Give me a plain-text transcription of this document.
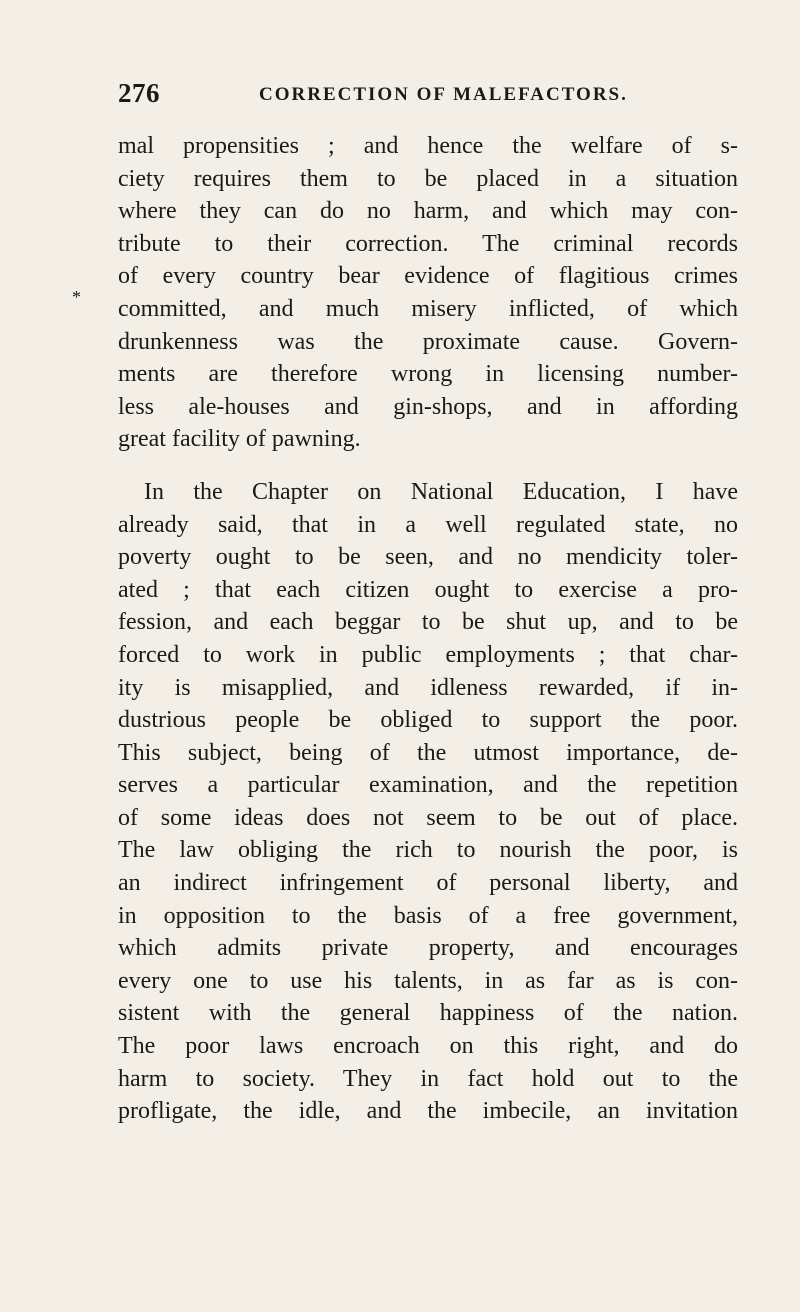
276	CORRECTION OF MALEFACTORS.
*
mal propensities ; and hence the welfare of s-
ciety requires them to be placed in a situation
where they can do no harm, and which may con-
tribute to their correction. The criminal records
of every country bear evidence of flagitious crimes
committed, and much misery inflicted, of which
drunkenness was the proximate cause. Govern-
ments are therefore wrong in licensing number-
less ale-houses and gin-shops, and in affording
great facility of pawning.
In the Chapter on National Education, I have
already said, that in a well regulated state, no
poverty ought to be seen, and no mendicity toler-
ated ; that each citizen ought to exercise a pro-
fession, and each beggar to be shut up, and to be
forced to work in public employments ; that char-
ity is misapplied, and idleness rewarded, if in-
dustrious people be obliged to support the poor.
This subject, being of the utmost importance, de-
serves a particular examination, and the repetition
of some ideas does not seem to be out of place.
The law obliging the rich to nourish the poor, is
an indirect infringement of personal liberty, and
in opposition to the basis of a free government,
which admits private property, and encourages
every one to use his talents, in as far as is con-
sistent with the general happiness of the nation.
The poor laws encroach on this right, and do
harm to society. They in fact hold out to the
profligate, the idle, and the imbecile, an invitation
